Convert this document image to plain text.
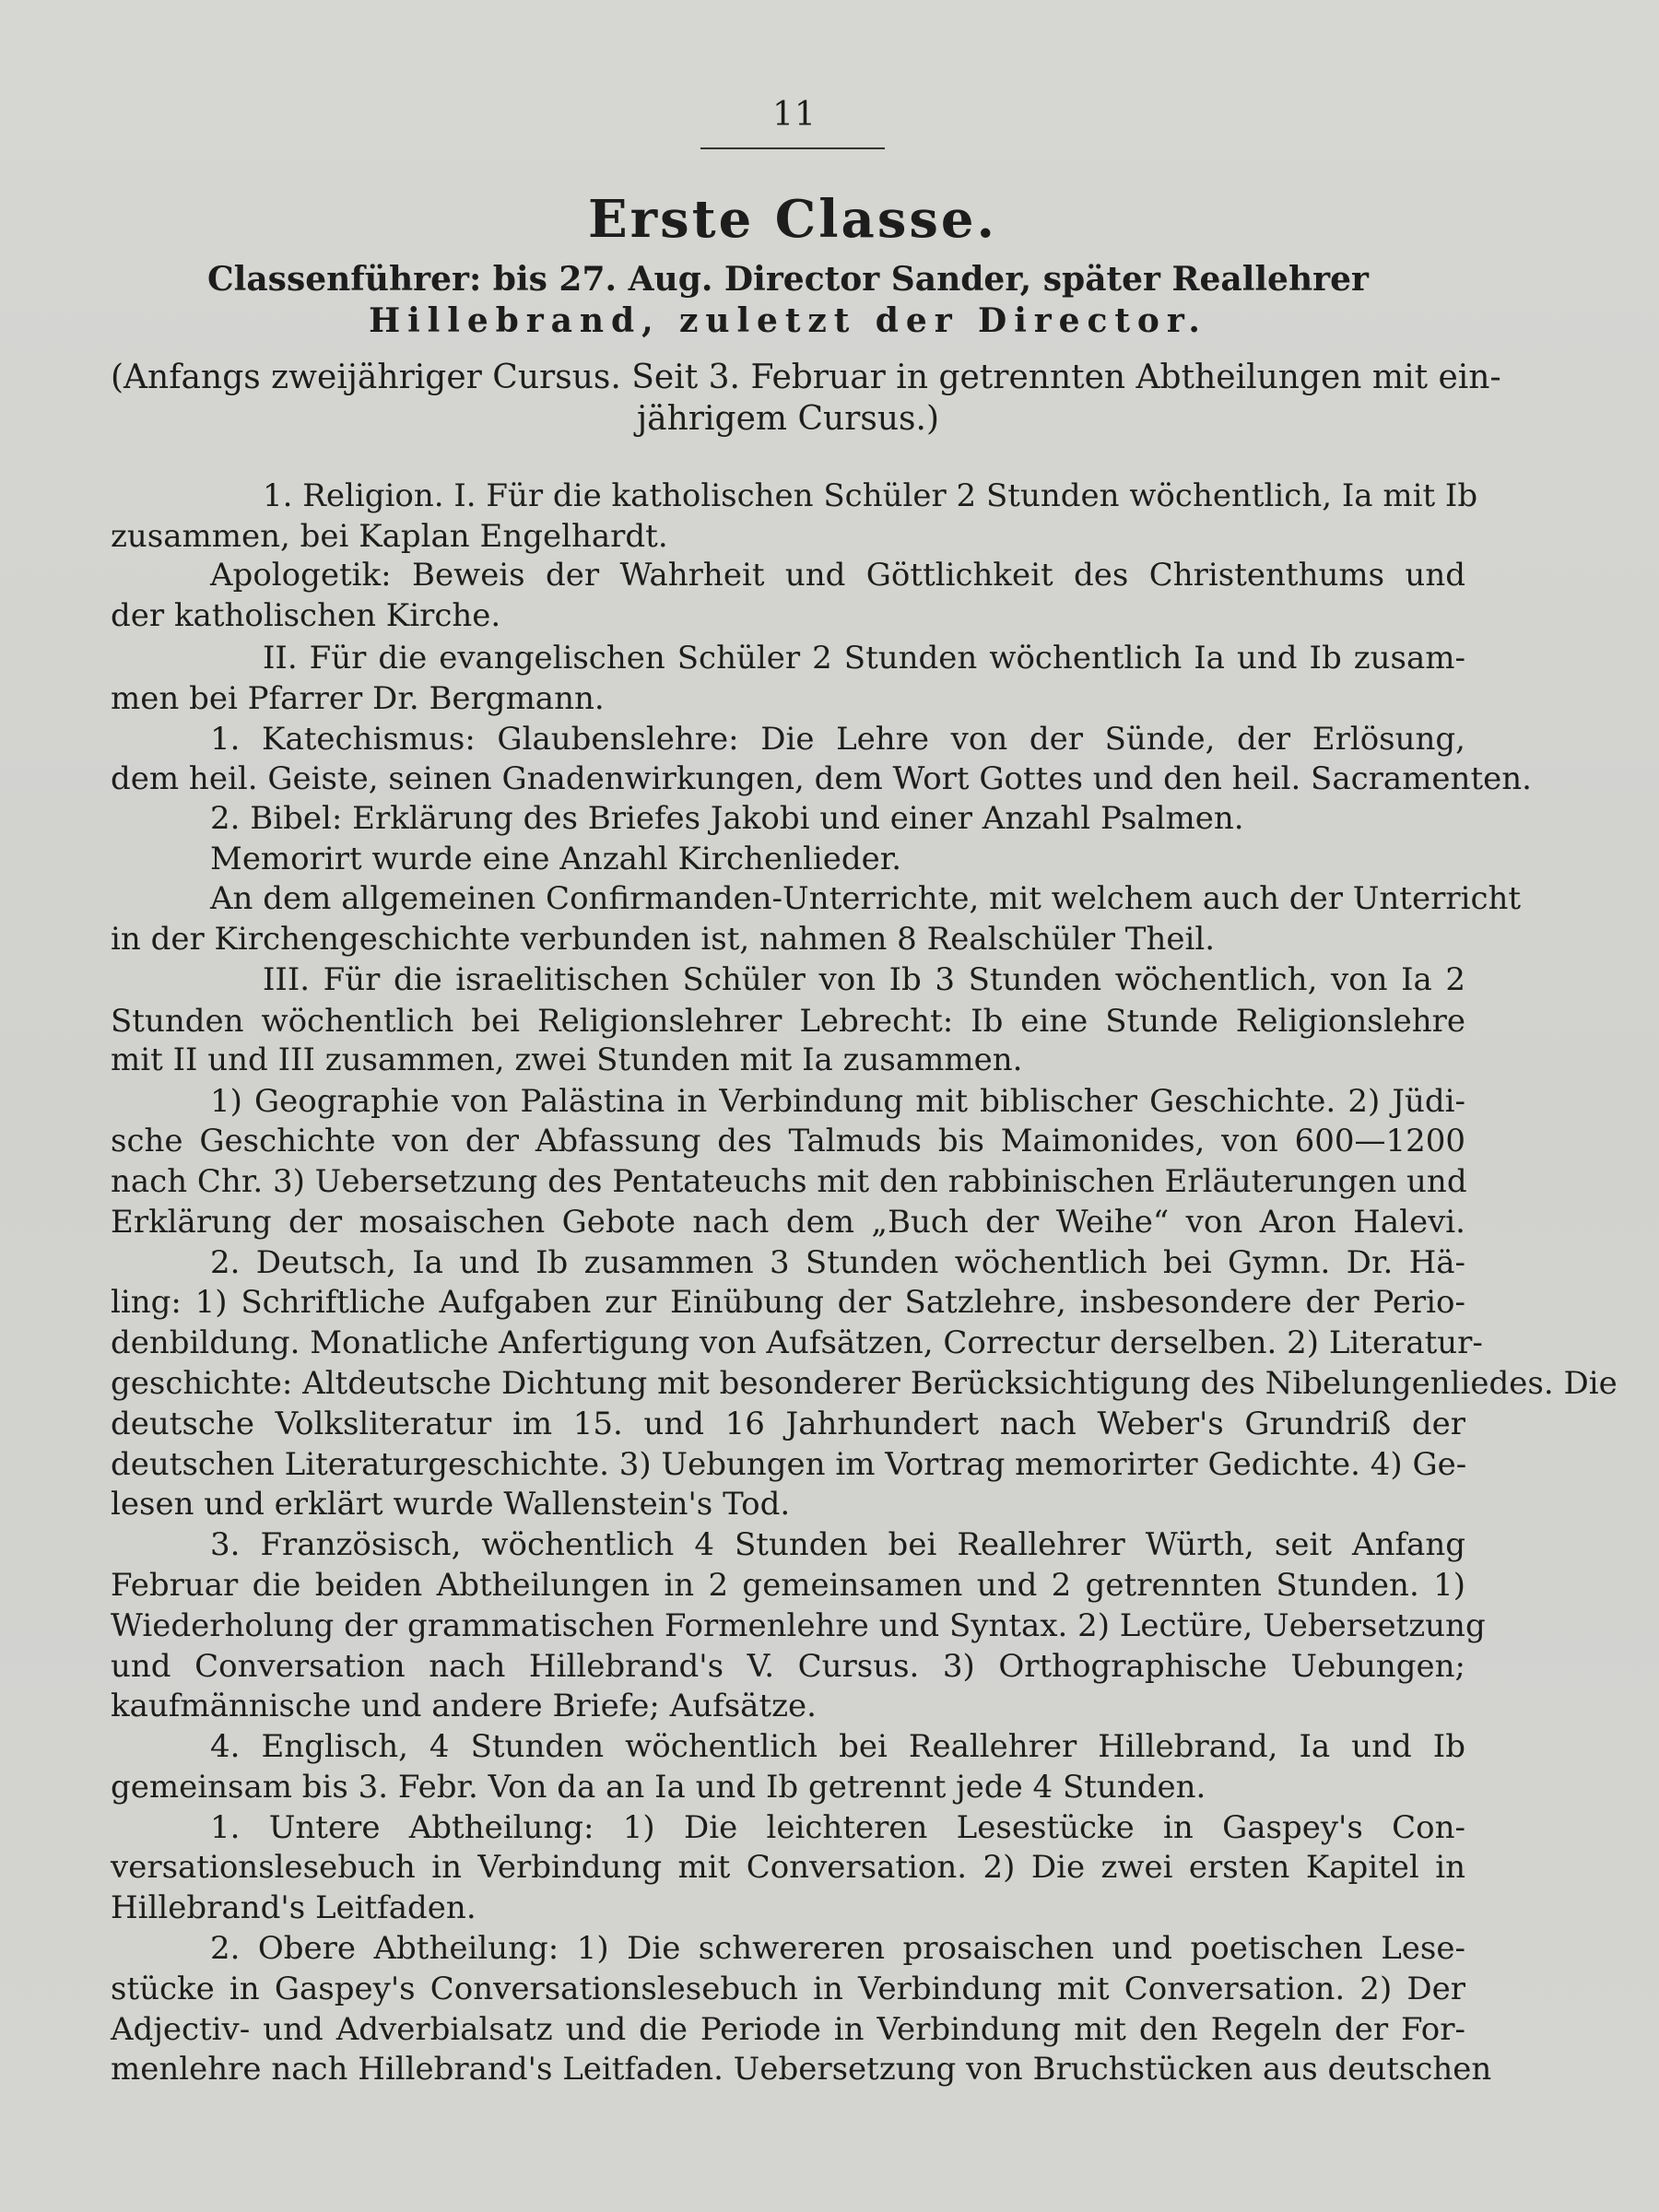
11
Erste Classe.
Classenführer: bis 27. Aug. Director Sander, später Reallehrer
Hillebrand, zuletzt der Director.
(Anfangs zweijähriger Cursus. Seit 3. Februar in getrennten Abtheilungen mit ein-
jährigem Cursus.)
1. Religion. I. Für die katholischen Schüler 2 Stunden wöchentlich, Ia mit Ib
zusammen, bei Kaplan Engelhardt.
Apologetik: Beweis der Wahrheit und Göttlichkeit des Christenthums und
der katholischen Kirche.
II. Für die evangelischen Schüler 2 Stunden wöchentlich Ia und Ib zusam-
men bei Pfarrer Dr. Bergmann.
1. Katechismus: Glaubenslehre: Die Lehre von der Sünde, der Erlösung,
dem heil. Geiste, seinen Gnadenwirkungen, dem Wort Gottes und den heil. Sacramenten.
2. Bibel: Erklärung des Briefes Jakobi und einer Anzahl Psalmen.
Memorirt wurde eine Anzahl Kirchenlieder.
An dem allgemeinen Confirmanden-Unterrichte, mit welchem auch der Unterricht
in der Kirchengeschichte verbunden ist, nahmen 8 Realschüler Theil.
III. Für die israelitischen Schüler von Ib 3 Stunden wöchentlich, von Ia 2
Stunden wöchentlich bei Religionslehrer Lebrecht: Ib eine Stunde Religionslehre
mit II und III zusammen, zwei Stunden mit Ia zusammen.
1) Geographie von Palästina in Verbindung mit biblischer Geschichte. 2) Jüdi-
sche Geschichte von der Abfassung des Talmuds bis Maimonides, von 600—1200
nach Chr. 3) Uebersetzung des Pentateuchs mit den rabbinischen Erläuterungen und
Erklärung der mosaischen Gebote nach dem „Buch der Weihe“ von Aron Halevi.
2. Deutsch, Ia und Ib zusammen 3 Stunden wöchentlich bei Gymn. Dr. Hä-
ling: 1) Schriftliche Aufgaben zur Einübung der Satzlehre, insbesondere der Perio-
denbildung. Monatliche Anfertigung von Aufsätzen, Correctur derselben. 2) Literatur-
geschichte: Altdeutsche Dichtung mit besonderer Berücksichtigung des Nibelungenliedes. Die
deutsche Volksliteratur im 15. und 16 Jahrhundert nach Weber's Grundriß der
deutschen Literaturgeschichte. 3) Uebungen im Vortrag memorirter Gedichte. 4) Ge-
lesen und erklärt wurde Wallenstein's Tod.
3. Französisch, wöchentlich 4 Stunden bei Reallehrer Würth, seit Anfang
Februar die beiden Abtheilungen in 2 gemeinsamen und 2 getrennten Stunden. 1)
Wiederholung der grammatischen Formenlehre und Syntax. 2) Lectüre, Uebersetzung
und Conversation nach Hillebrand's V. Cursus. 3) Orthographische Uebungen;
kaufmännische und andere Briefe; Aufsätze.
4. Englisch, 4 Stunden wöchentlich bei Reallehrer Hillebrand, Ia und Ib
gemeinsam bis 3. Febr. Von da an Ia und Ib getrennt jede 4 Stunden.
1. Untere Abtheilung: 1) Die leichteren Lesestücke in Gaspey's Con-
versationslesebuch in Verbindung mit Conversation. 2) Die zwei ersten Kapitel in
Hillebrand's Leitfaden.
2. Obere Abtheilung: 1) Die schwereren prosaischen und poetischen Lese-
stücke in Gaspey's Conversationslesebuch in Verbindung mit Conversation. 2) Der
Adjectiv- und Adverbialsatz und die Periode in Verbindung mit den Regeln der For-
menlehre nach Hillebrand's Leitfaden. Uebersetzung von Bruchstücken aus deutschen
